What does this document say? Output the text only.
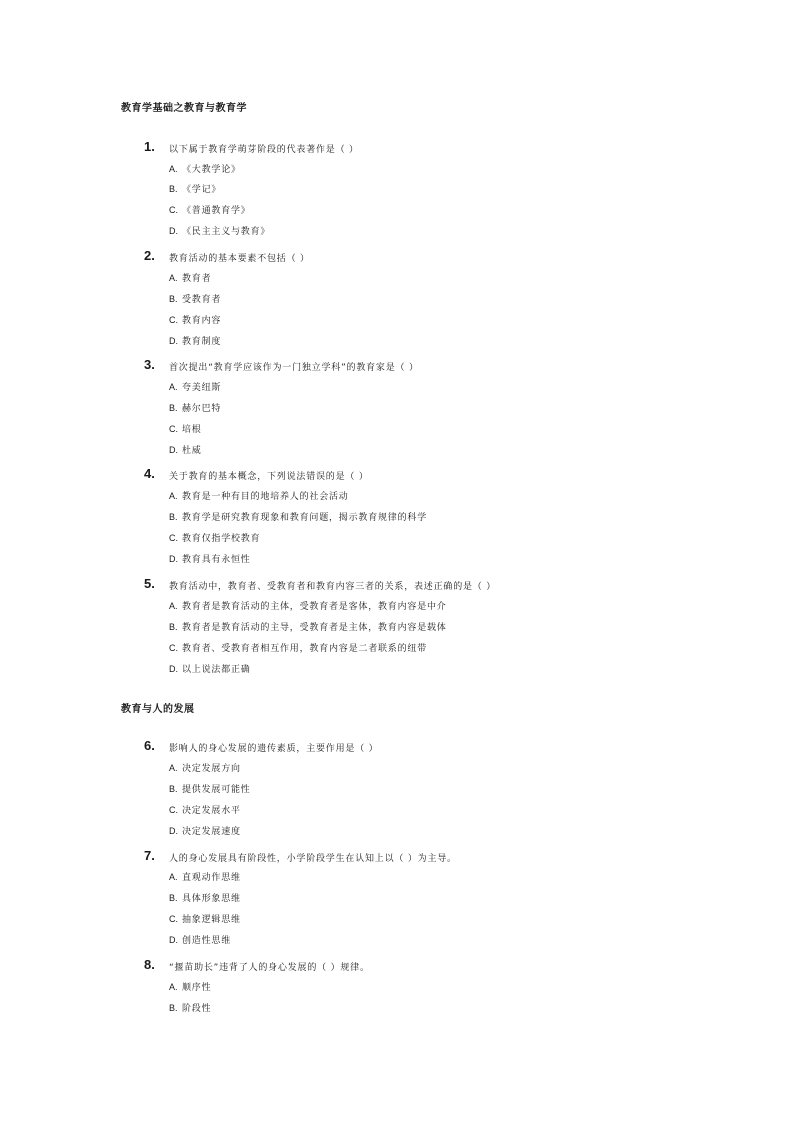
教育学基础之教育与教育学
1. 以下属于教育学萌芽阶段的代表著作是（ ）
A. 《大教学论》
B. 《学记》
C. 《普通教育学》
D. 《民主主义与教育》
2. 教育活动的基本要素不包括（ ）
A. 教育者
B. 受教育者
C. 教育内容
D. 教育制度
3. 首次提出“教育学应该作为一门独立学科”的教育家是（ ）
A. 夸美纽斯
B. 赫尔巴特
C. 培根
D. 杜威
4. 关于教育的基本概念，下列说法错误的是（ ）
A. 教育是一种有目的地培养人的社会活动
B. 教育学是研究教育现象和教育问题，揭示教育规律的科学
C. 教育仅指学校教育
D. 教育具有永恒性
5. 教育活动中，教育者、受教育者和教育内容三者的关系，表述正确的是（ ）
A. 教育者是教育活动的主体，受教育者是客体，教育内容是中介
B. 教育者是教育活动的主导，受教育者是主体，教育内容是载体
C. 教育者、受教育者相互作用，教育内容是二者联系的纽带
D. 以上说法都正确
教育与人的发展
6. 影响人的身心发展的遗传素质，主要作用是（ ）
A. 决定发展方向
B. 提供发展可能性
C. 决定发展水平
D. 决定发展速度
7. 人的身心发展具有阶段性，小学阶段学生在认知上以（ ）为主导。
A. 直观动作思维
B. 具体形象思维
C. 抽象逻辑思维
D. 创造性思维
8. “揠苗助长”违背了人的身心发展的（ ）规律。
A. 顺序性
B. 阶段性
